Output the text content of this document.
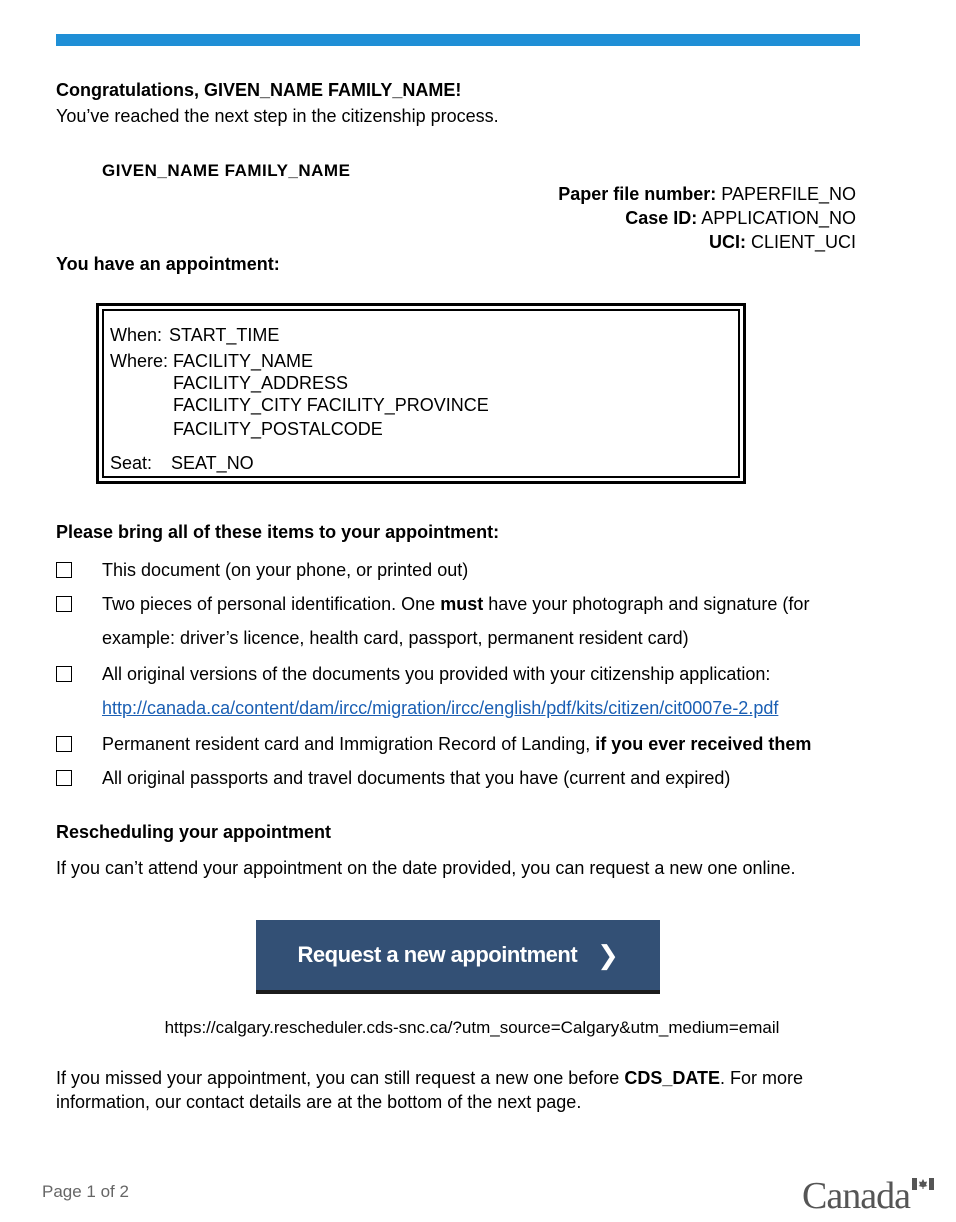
Congratulations, GIVEN_NAME FAMILY_NAME!
You’ve reached the next step in the citizenship process.
GIVEN_NAME FAMILY_NAME
Paper file number: PAPERFILE_NO
Case ID: APPLICATION_NO
UCI: CLIENT_UCI
You have an appointment:
When: START_TIME
Where: FACILITY_NAME
FACILITY_ADDRESS
FACILITY_CITY FACILITY_PROVINCE
FACILITY_POSTALCODE
Seat: SEAT_NO
Please bring all of these items to your appointment:
This document (on your phone, or printed out)
Two pieces of personal identification. One must have your photograph and signature (for
example: driver’s licence, health card, passport, permanent resident card)
All original versions of the documents you provided with your citizenship application:
http://canada.ca/content/dam/ircc/migration/ircc/english/pdf/kits/citizen/cit0007e-2.pdf
Permanent resident card and Immigration Record of Landing, if you ever received them
All original passports and travel documents that you have (current and expired)
Rescheduling your appointment
If you can’t attend your appointment on the date provided, you can request a new one online.
Request a new appointment ❯
https://calgary.rescheduler.cds-snc.ca/?utm_source=Calgary&utm_medium=email
If you missed your appointment, you can still request a new one before CDS_DATE. For more
information, our contact details are at the bottom of the next page.
Page 1 of 2	Canada
